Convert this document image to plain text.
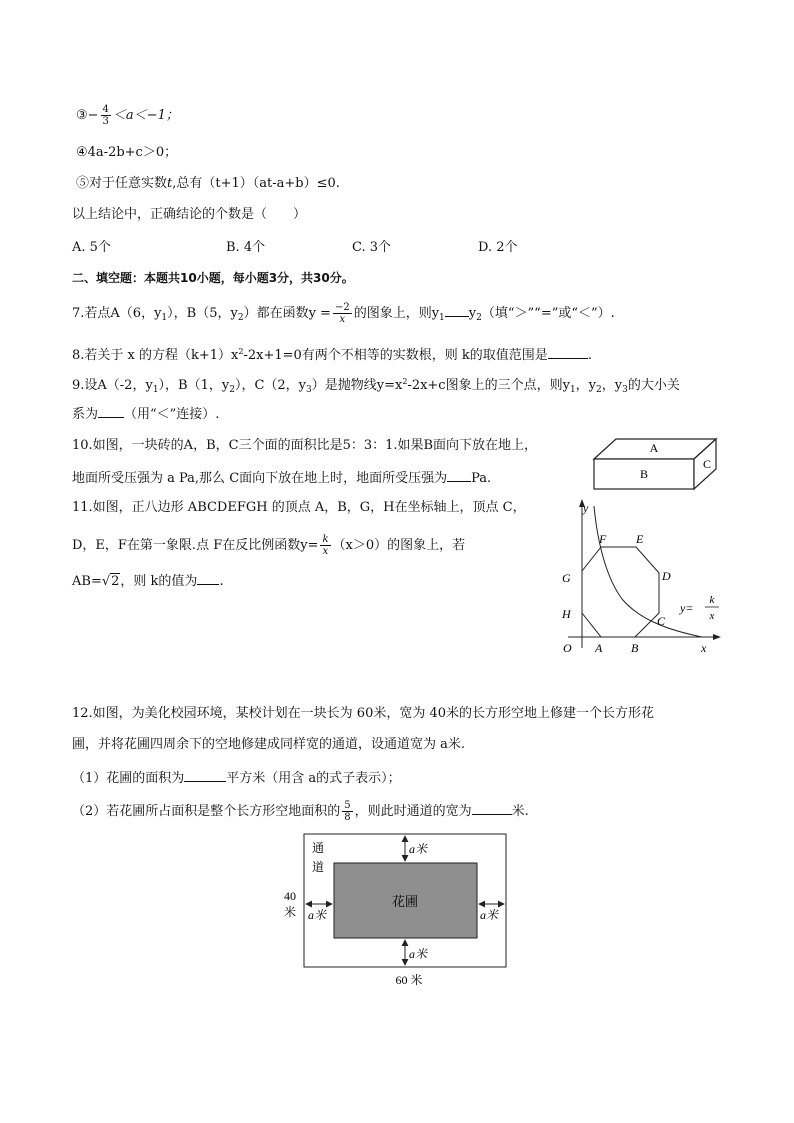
③− $\frac{4}{3} <a<-1$；
④4a-2b+c＞0；
⑤对于任意实数t,总有（t+1）（at-a+b）≤0.
以上结论中，正确结论的个数是（　　）
A. 5个	B. 4个	C. 3个	D. 2个
二、填空题：本题共10小题，每小题3分，共30分。
7.若点A（6，$y_1$），B（5，$y_2$）都在函数$y = \frac{-2}{x}$ 的图象上，则$y_1$ $y_2$（填“＞”“=”或“＜”）.
8.若关于 x 的方程$(k+1)x^2-2x+1=0$有两个不相等的实数根，则 k的取值范围是	.
9.设A（-2，$y_1$），B（1，$y_2$），C（2，$y_3$）是抛物线$y=x^2-2x+c$图象上的三个点，则$y_1$，$y_2$，$y_3$的大小关
系为 （用“＜”连接）.
10.如图，一块砖的A，B，C三个面的面积比是5：3：1.如果B面向下放在地上，
地面所受压强为 a Pa,那么 C面向下放在地上时，地面所受压强为 Pa.
A
B
C
11.如图，正八边形 ABCDEFGH 的顶点 A，B，G，H在坐标轴上，顶点 C，
D，E，F在第一象限.点 F在反比例函数$y= \frac{k}{x} (x>0)$的图象上，若
AB=√2，则 k的值为 .
y
x
O A B
C
D
E
F
G
H	y=
k
x
12.如图，为美化校园环境，某校计划在一块长为 60米，宽为 40米的长方形空地上修建一个长方形花
圃，并将花圃四周余下的空地修建成同样宽的通道，设通道宽为 a米.
（1）花圃的面积为	平方米（用含 a的式子表示）；
（2）若花圃所占面积是整个长方形空地面积的 $\frac{5}{8}$ ，则此时通道的宽为	米.
通
道
花圃
a米
a米
a米	a米
40
米
60 米
